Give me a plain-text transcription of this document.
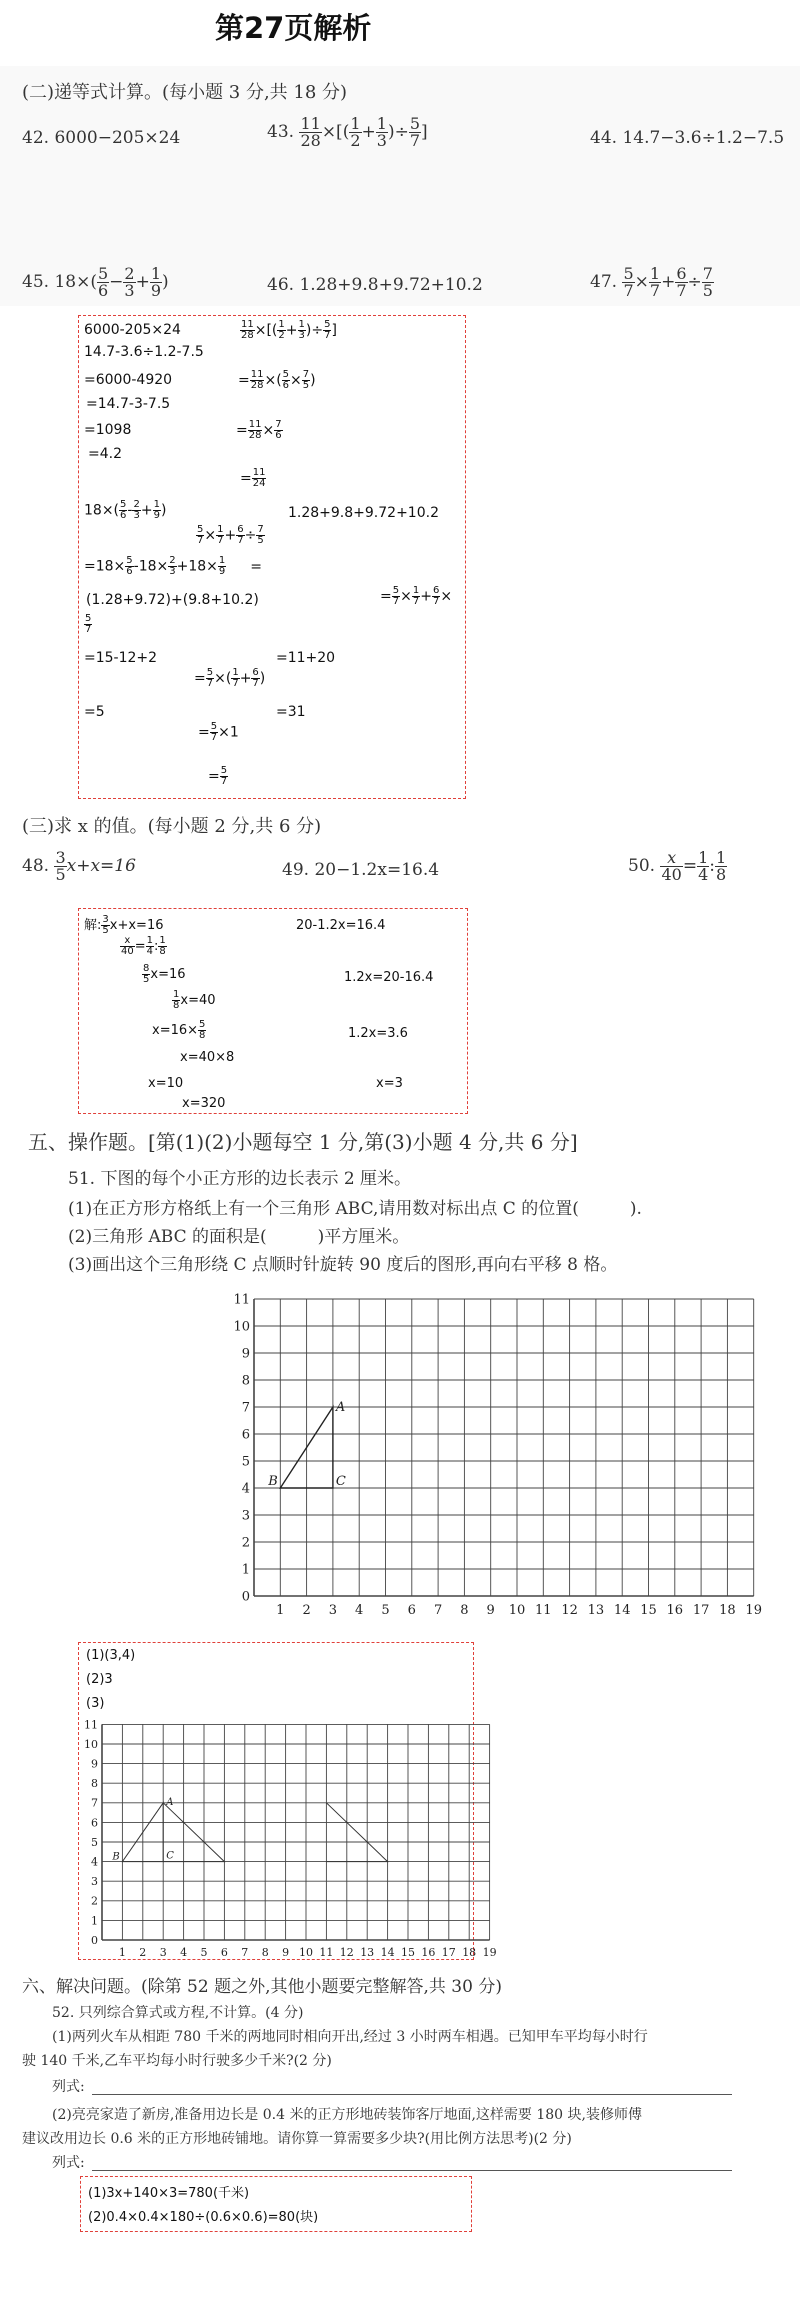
第27页解析
(二)递等式计算。(每小题 3 分,共 18 分)
42. 6000−205×24	43. $\frac{11}{28}$ ×[( $\frac{1}{2} + \frac{1}{3}$ )÷ $\frac{5}{7}$ ]	44. 14.7−3.6÷1.2−7.5
45. $18\times( \frac{5}{6} - \frac{2}{3} + \frac{1}{9}$ )	46. 1.28+9.8+9.72+10.2	47. $\frac{5}{7} \times \frac{1}{7} + \frac{6}{7} \div \frac{7}{5}$
6000-205×24
14.7-3.6÷1.2-7.5
=6000-4920
=14.7-3-7.5
=1098
=4.2
$\frac{11}{28}$ ×[( $\frac{1}{2} + \frac{1}{3}$ )÷ $\frac{5}{7}$ ]
= $\frac{11}{28}$ ×( $\frac{5}{6} \times \frac{7}{5}$ )
= $\frac{11}{28} \times \frac{7}{6}$
= $\frac{11}{24}$
$18\times( \frac{5}{6} - \frac{2}{3} + \frac{1}{9}$ )	1.28+9.8+9.72+10.2
$\frac{5}{7} \times \frac{1}{7} + \frac{6}{7} \div \frac{7}{5}$
$=18\times \frac{5}{6} -18\times \frac{2}{3} +18\times \frac{1}{9}$ =
(1.28+9.72)+(9.8+10.2)	= $\frac{5}{7} \times \frac{1}{7} + \frac{6}{7}$ ×
$\frac{5}{7}$
=15-12+2	=11+20
= $\frac{5}{7}$ ×( $\frac{1}{7} + \frac{6}{7}$ )
=5	=31
= $\frac{5}{7} \times 1$
= $\frac{5}{7}$
(三)求 x 的值。(每小题 2 分,共 6 分)
48. $\frac{3}{5} x+x=16$	49. 20−1.2x=16.4	50. $\frac{x}{40} = \frac{1}{4}$ : $\frac{1}{8}$
解: $\frac{3}{5} x+x=16$	20-1.2x=16.4
$\frac{x}{40} = \frac{1}{4}$ : $\frac{1}{8}$
$\frac{8}{5} x=16$	1.2x=20-16.4
$\frac{1}{8} x=40$
$x=16\times \frac{5}{8}$	1.2x=3.6
x=40×8
x=10	x=3
x=320
五、操作题。[第(1)(2)小题每空 1 分,第(3)小题 4 分,共 6 分]
51. 下图的每个小正方形的边长表示 2 厘米。
(1)在正方形方格纸上有一个三角形 ABC,请用数对标出点 C 的位置(　　　).
(2)三角形 ABC 的面积是(　　　)平方厘米。
(3)画出这个三角形绕 C 点顺时针旋转 90 度后的图形,再向右平移 8 格。
1 2 3 4 5 6 7 8 9 10 11 12 13 14 15 16 17 18 19
1
2
3
4
5
6
7
8
9
10
11
0
A
B	C
(1)(3,4)
(2)3
(3)
1 2 3 4 5 6 7 8 9 10 11 12 13 14 15 16 17 18 19
1
2
3
4
5
6
7
8
9
10
11
0
A
B	C
六、解决问题。(除第 52 题之外,其他小题要完整解答,共 30 分)
52. 只列综合算式或方程,不计算。(4 分)
(1)两列火车从相距 780 千米的两地同时相向开出,经过 3 小时两车相遇。已知甲车平均每小时行
驶 140 千米,乙车平均每小时行驶多少千米?(2 分)
列式:
(2)亮亮家造了新房,准备用边长是 0.4 米的正方形地砖装饰客厅地面,这样需要 180 块,装修师傅
建议改用边长 0.6 米的正方形地砖铺地。请你算一算需要多少块?(用比例方法思考)(2 分)
列式:
(1)3x+140×3=780(千米)
(2)0.4×0.4×180÷(0.6×0.6)=80(块)
